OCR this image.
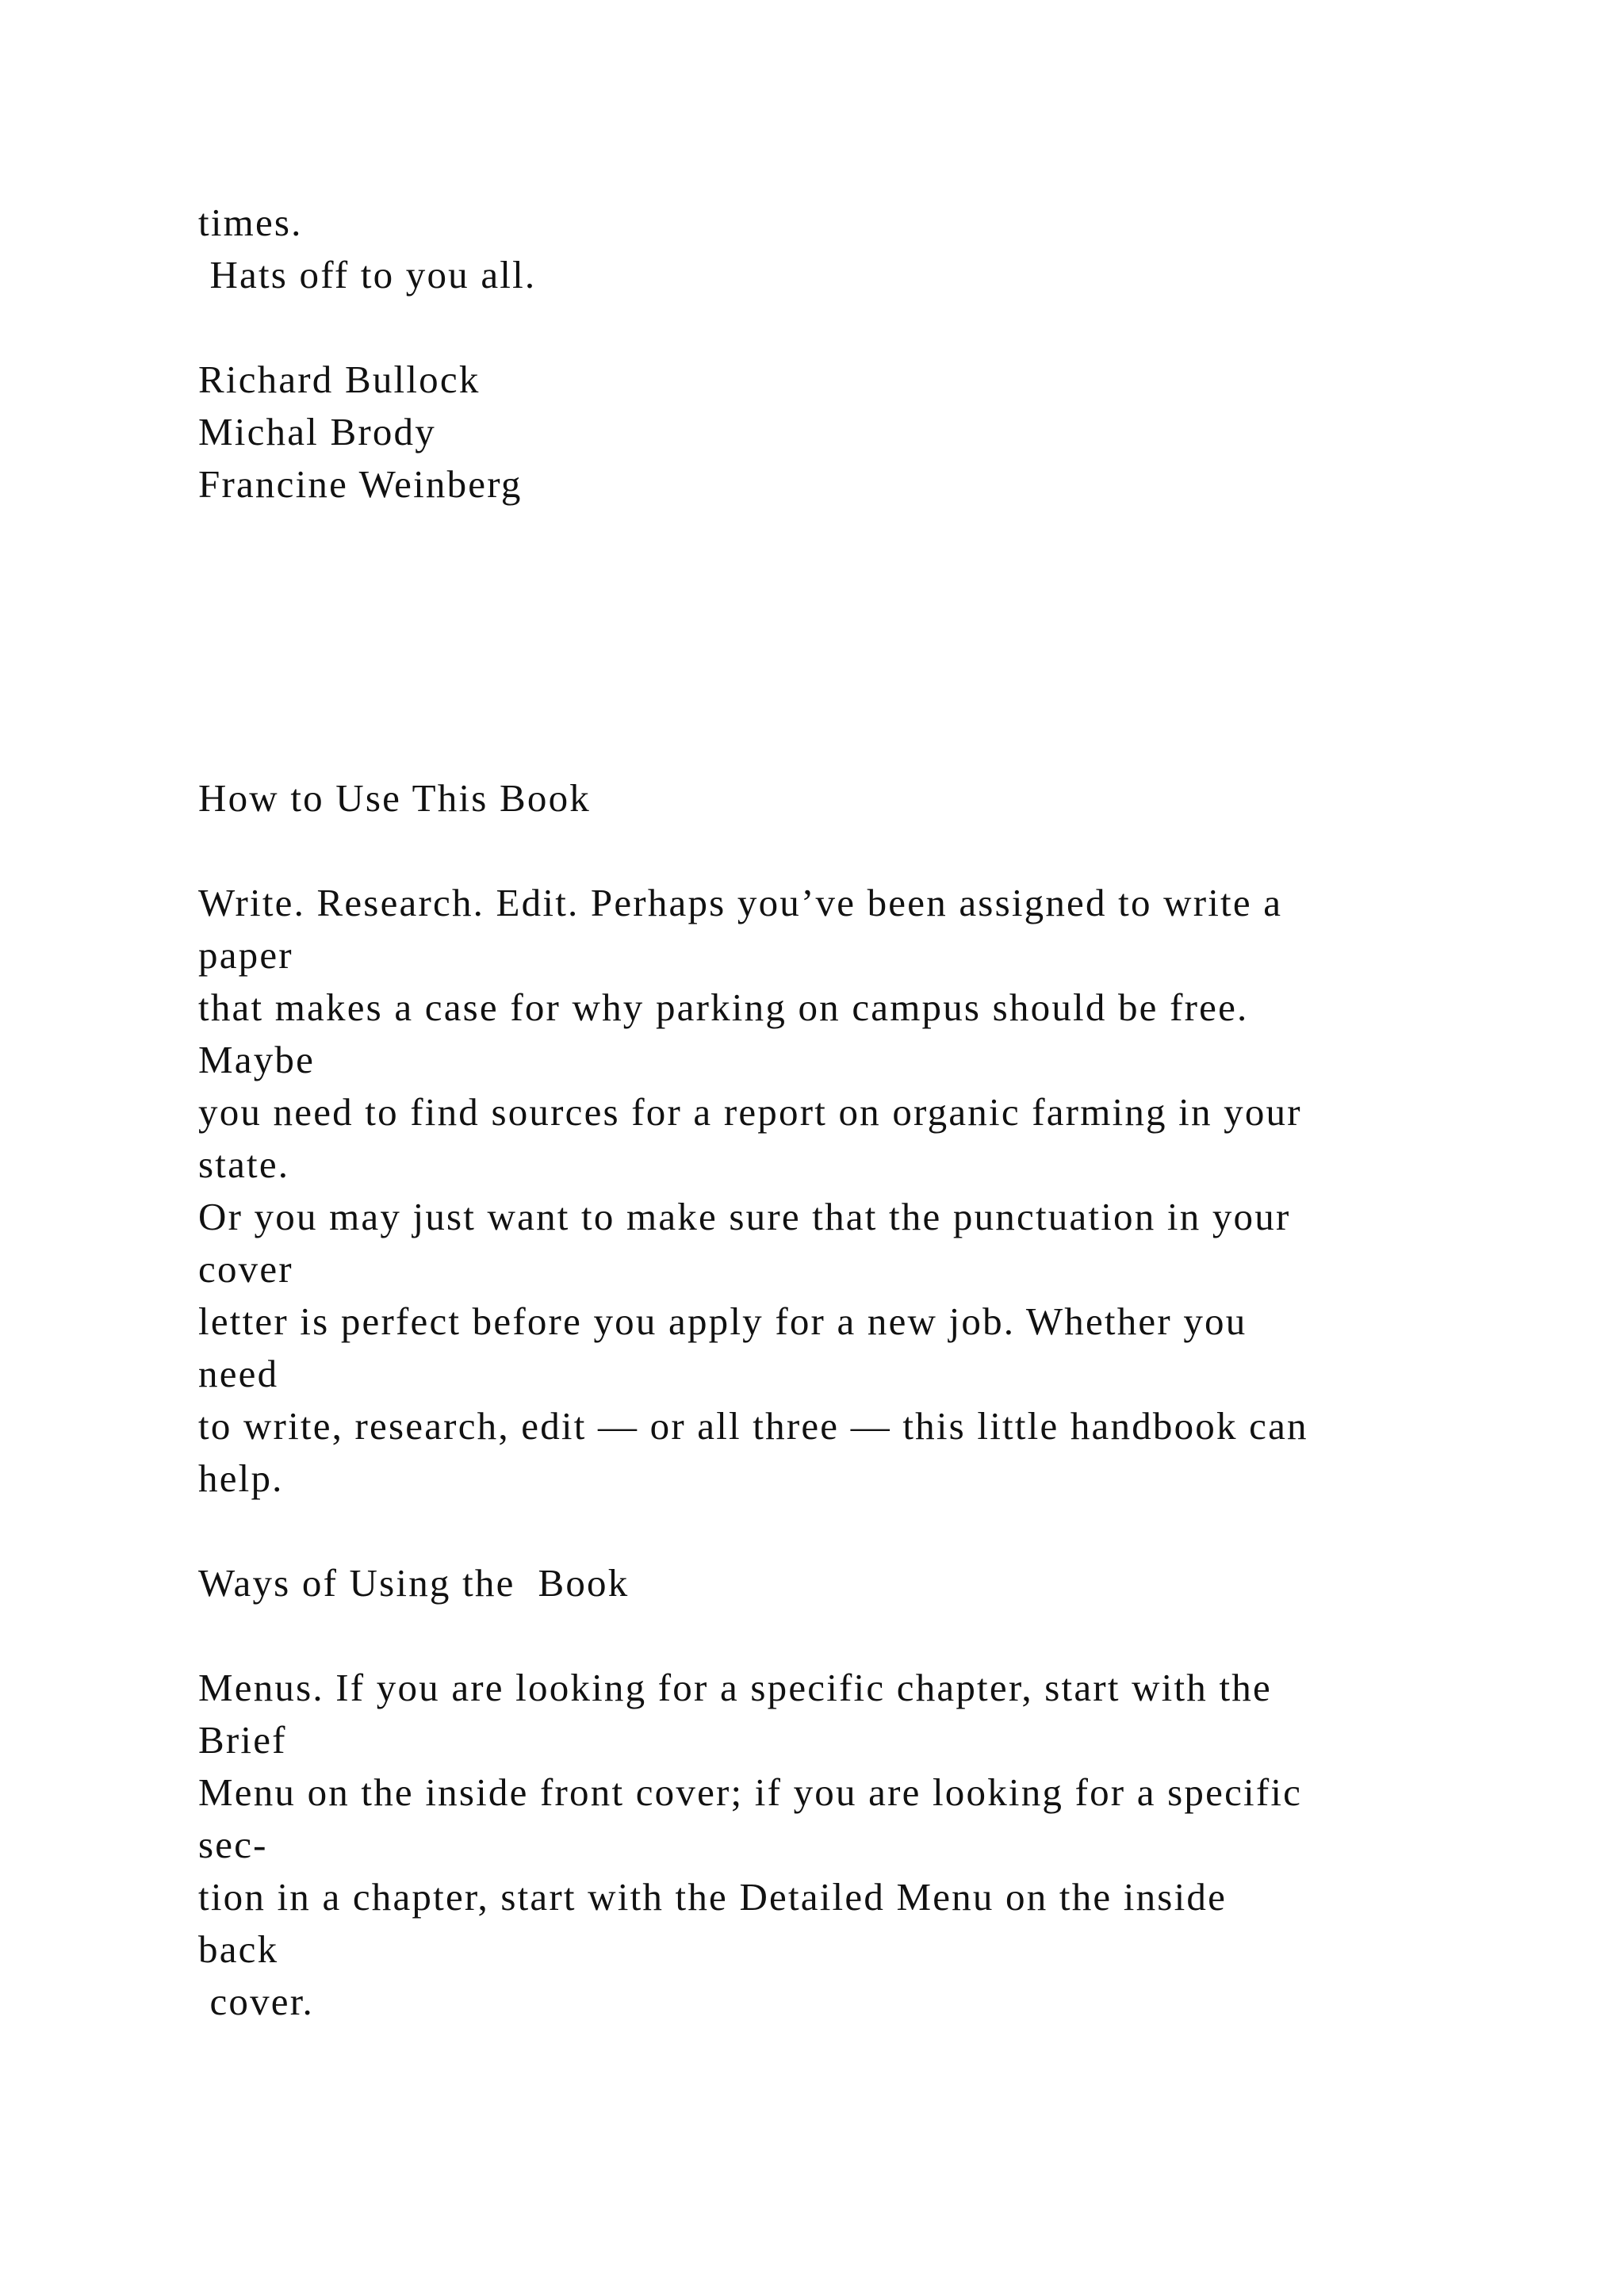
times.

Hats off to you all.

Richard Bullock

Michal Brody

Francine Weinberg

How to Use This Book

Write. Research. Edit. Perhaps you’ve been assigned to write a

paper

that makes a case for why parking on campus should be free.

Maybe

you need to find sources for a report on organic farming in your

state.

Or you may just want to make sure that the punctuation in your

cover

letter is perfect before you apply for a new job. Whether you

need

to write, research, edit — or all three — this little handbook can

help.

Ways of Using the  Book

Menus. If you are looking for a specific chapter, start with the

Brief

Menu on the inside front cover; if you are looking for a specific

sec-

tion in a chapter, start with the Detailed Menu on the inside

back

cover.
